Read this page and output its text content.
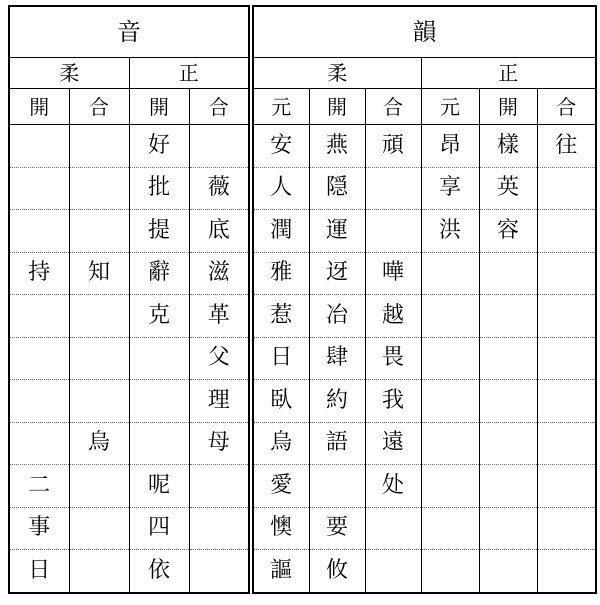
音			
柔		正	
開	合	開	合
		好	
		批	薇
		提	底
持	知	辭	滋
		克	革
			父
			理
	烏		母
二		呢	
事		四	
日		依	
韻					
柔			正		
元	開	合	元	開	合
安	燕	頑	昂	樣	往
人	隠		享	英	
潤	運		洪	容	
雅	迓	嘩			
惹	冶	越			
日	肆	畏			
臥	約	我			
烏	語	遠			
愛		处			
懊	要				
謳	攸				
